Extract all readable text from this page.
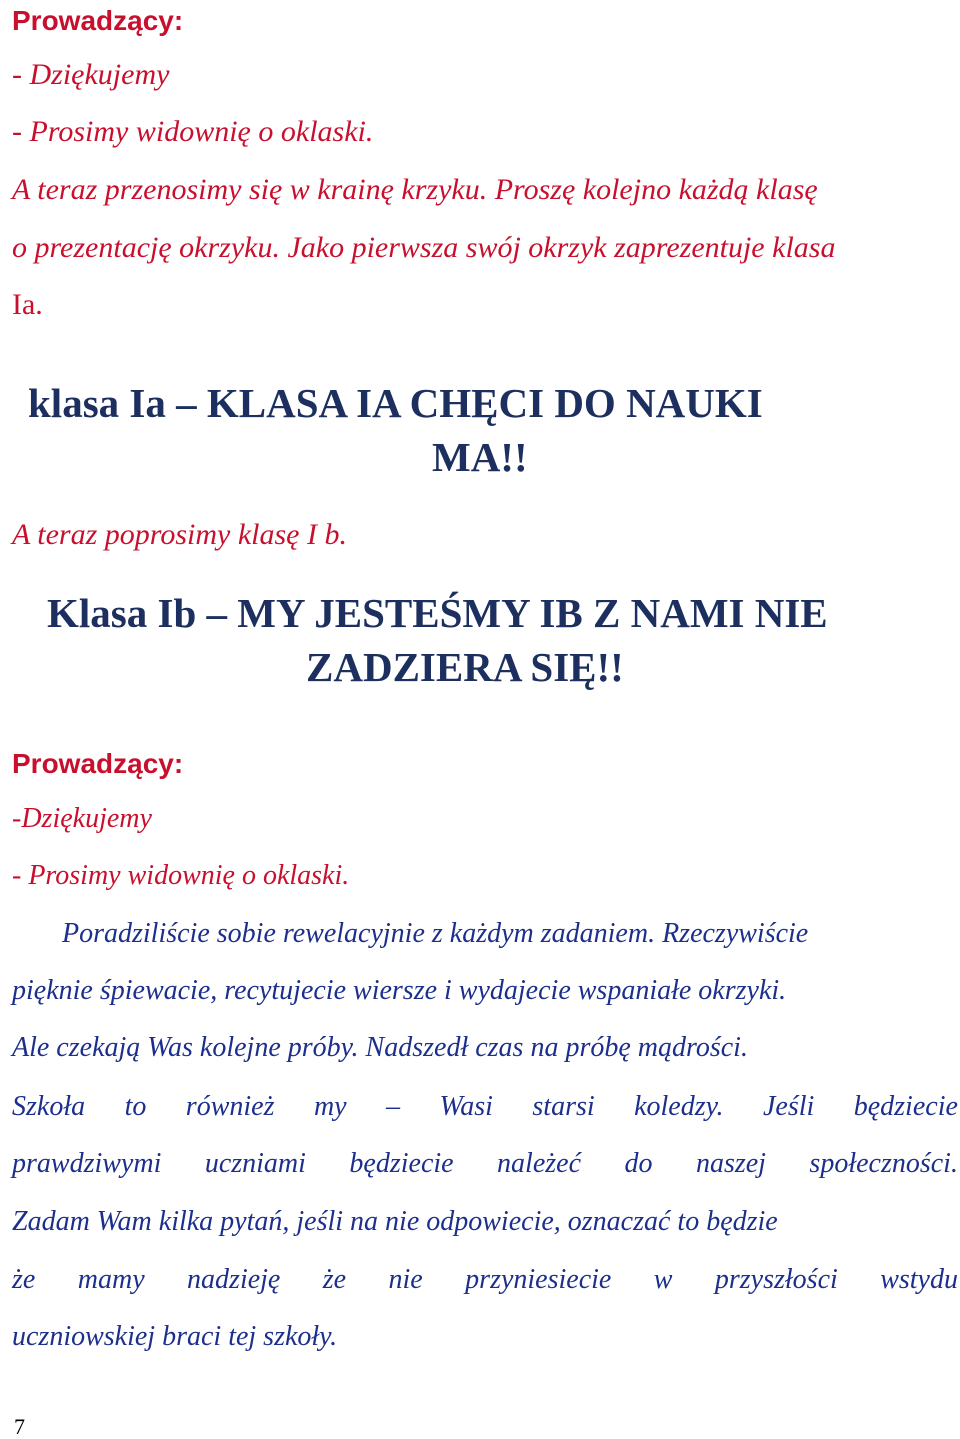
Prowadzący:

- Dziękujemy

- Prosimy widownię o oklaski.

A teraz przenosimy się w krainę krzyku. Proszę kolejno każdą klasę

o prezentację okrzyku. Jako pierwsza swój okrzyk zaprezentuje klasa

Ia.

klasa Ia – KLASA IA CHĘCI DO NAUKI

MA!!

A teraz poprosimy klasę I b.

Klasa Ib – MY JESTEŚMY IB Z NAMI NIE

ZADZIERA SIĘ!!

Prowadzący:

-Dziękujemy

- Prosimy widownię o oklaski.

Poradziliście sobie rewelacyjnie z każdym zadaniem. Rzeczywiście

pięknie śpiewacie, recytujecie wiersze i wydajecie wspaniałe okrzyki.

Ale czekają Was kolejne próby. Nadszedł czas na próbę mądrości.

Szkoła to również my – Wasi starsi koledzy. Jeśli będziecie
prawdziwymi uczniami będziecie należeć do naszej społeczności.

Zadam Wam kilka pytań, jeśli na nie odpowiecie, oznaczać to będzie

że mamy nadzieję że nie przyniesiecie w przyszłości wstydu

uczniowskiej braci tej szkoły.

7
